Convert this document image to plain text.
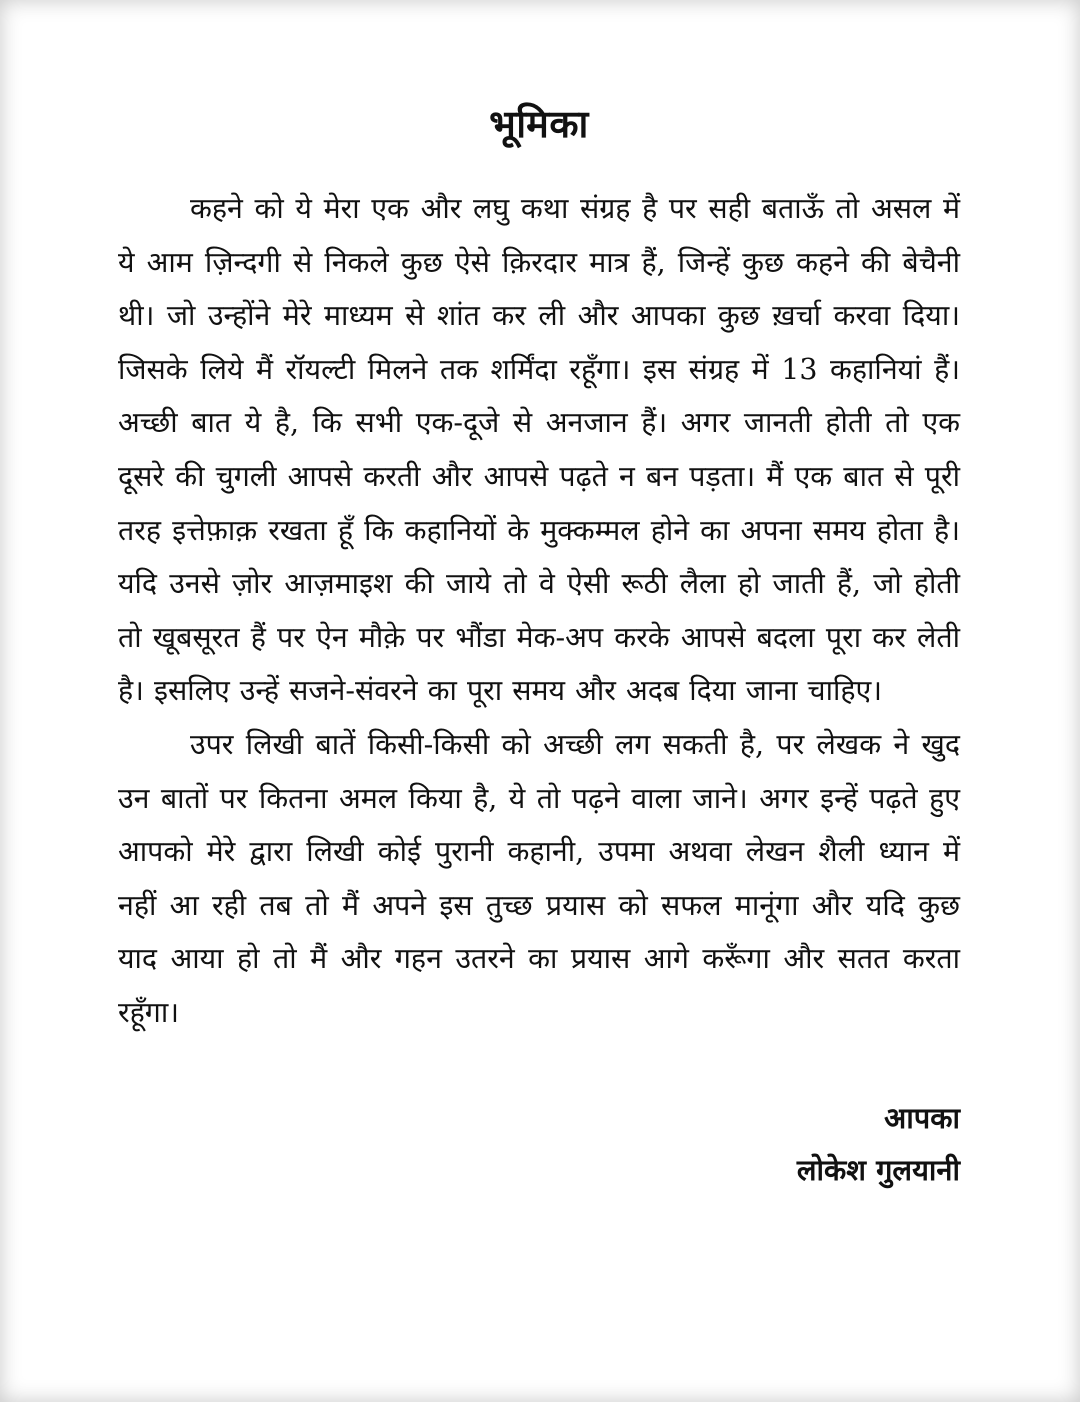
भूमिका

कहने को ये मेरा एक और लघु कथा संग्रह है पर सही बताऊँ तो असल में ये आम ज़िन्दगी से निकले कुछ ऐसे क़िरदार मात्र हैं, जिन्हें कुछ कहने की बेचैनी थी। जो उन्होंने मेरे माध्यम से शांत कर ली और आपका कुछ ख़र्चा करवा दिया। जिसके लिये मैं रॉयल्टी मिलने तक शर्मिंदा रहूँगा। इस संग्रह में 13 कहानियां हैं। अच्छी बात ये है, कि सभी एक-दूजे से अनजान हैं। अगर जानती होती तो एक दूसरे की चुगली आपसे करती और आपसे पढ़ते न बन पड़ता। मैं एक बात से पूरी तरह इत्तेफ़ाक़ रखता हूँ कि कहानियों के मुक्कम्मल होने का अपना समय होता है। यदि उनसे ज़ोर आज़माइश की जाये तो वे ऐसी रूठी लैला हो जाती हैं, जो होती तो खूबसूरत हैं पर ऐन मौक़े पर भौंडा मेक-अप करके आपसे बदला पूरा कर लेती है। इसलिए उन्हें सजने-संवरने का पूरा समय और अदब दिया जाना चाहिए।

उपर लिखी बातें किसी-किसी को अच्छी लग सकती है, पर लेखक ने खुद उन बातों पर कितना अमल किया है, ये तो पढ़ने वाला जाने। अगर इन्हें पढ़ते हुए आपको मेरे द्वारा लिखी कोई पुरानी कहानी, उपमा अथवा लेखन शैली ध्यान में नहीं आ रही तब तो मैं अपने इस तुच्छ प्रयास को सफल मानूंगा और यदि कुछ याद आया हो तो मैं और गहन उतरने का प्रयास आगे करूँगा और सतत करता रहूँगा।

आपका
लोकेश गुलयानी
